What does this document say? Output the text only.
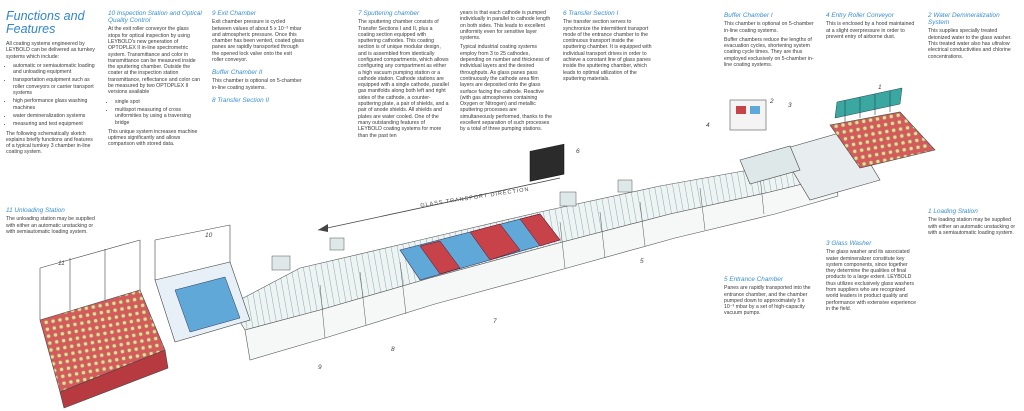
Functions and Features

All coating systems engineered by LEYBOLD can be delivered as turnkey systems which include:

• automatic or semiautomatic loading and unloading equipment
• transportation equipment such as roller conveyors or carrier transport systems
• high performance glass washing machines
• water demineralization systems
• measuring and test equipment

The following schematically sketch explains briefly functions and features of a typical turnkey 3 chamber in-line coating system.

11 Unloading Station

The unloading station may be supplied with either an automatic unstacking or with semiautomatic loading system.

10 Inspection Station and Optical Quality Control

At the exit roller conveyor the glass stops for optical inspection by using LEYBOLD's new generation of OPTOPLEX II in-line spectrometric system. Transmittance and color in transmittance can be measured inside the sputtering chamber. Outside the coater at the inspection station transmittance, reflectance and color can be measured by two OPTOPLEX II versions available

• single spot
• multispot measuring of cross uniformities by using a traversing bridge

This unique system increases machine uptimes significantly and allows comparison with stored data.

9 Exit Chamber

Exit chamber pressure is cycled between values of about 5 x 10⁻³ mbar and atmospheric pressure. Once this chamber has been vented, coated glass panes are rapidly transported through the opened lock valve onto the exit roller conveyor.

Buffer Chamber II

This chamber is optional on 5-chamber in-line coating systems.

8 Transfer Section II
7 Sputtering chamber

The sputtering chamber consists of Transfer Sections I and II, plus a coating section equipped with sputtering cathodes. This coating section is of unique modular design, and is assembled from identically configured compartments, which allows configuring any compartment as either a high vacuum pumping station or a cathode station. Cathode stations are equipped with a single cathode, parallel gas manifolds along both left and right sides of the cathode, a counter-sputtering plate, a pair of shields, and a pair of anode shields. All shields and plates are water cooled. One of the many outstanding features of LEYBOLD coating systems for more than the past ten

years is that each cathode is pumped individually in parallel to cathode length on both sides. This leads to excellent uniformity even for sensitive layer systems.

Typical industrial coating systems employ from 3 to 25 cathodes, depending on number and thickness of individual layers and the desired throughputs. As glass panes pass continuously the cathode area film layers are deposited onto the glass surface facing the cathode. Reactive (with gas atmospheres containing Oxygen or Nitrogen) and metallic sputtering processes are simultaneously performed, thanks to the excellent separation of such processes by a total of three pumping stations.

6 Transfer Section I

The transfer section serves to synchronize the intermittent transport mode of the entrance chamber to the continuous transport inside the sputtering chamber. It is equipped with individual transport drives in order to achieve a constant line of glass panes inside the sputtering chamber, which leads to optimal utilization of the sputtering materials.

Buffer Chamber I

This chamber is optional on 5-chamber in-line coating systems.

Buffer chambers reduce the lengths of evacuation cycles, shortening system coating cycle times. They are thus employed exclusively on 5-chamber in-line coating systems.

4 Entry Roller Conveyor

This is enclosed by a hood maintained at a slight overpressure in order to prevent entry of airborne dust.

2 Water Demineralization System

This supplies specially treated deionized water to the glass washer. This treated water also has ultralow electrical conductivities and chlorine concentrations.

1 Loading Station

The loading station may be supplied with either an automatic unstacking or with a semiautomatic loading system.

3 Glass Washer

The glass washer and its associated water demineralizer constitute key system components, since together they determine the qualities of final products to a large extent. LEYBOLD thus utilizes exclusively glass washers from suppliers who are recognized world leaders in product quality and performance with extensive experience in the field.

5 Entrance Chamber

Panes are rapidly transported into the entrance chamber, and the chamber pumped down to approximately 5 x 10⁻³ mbar by a set of high-capacity vacuum pumps.

GLASS TRANSPORT DIRECTION
1
2
3
4
5
6
7
8
9
10
11
